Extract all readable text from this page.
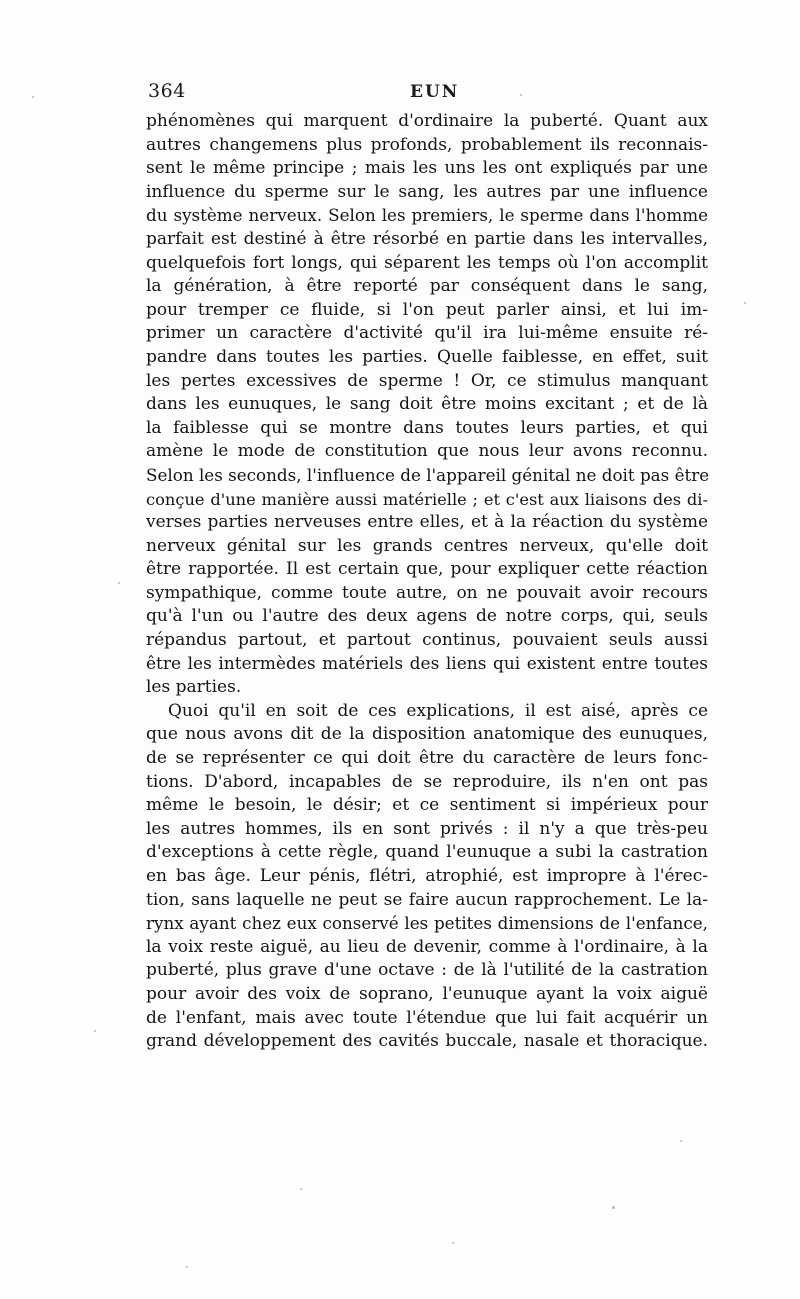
364	EUN
phénomènes qui marquent d'ordinaire la puberté. Quant aux
autres changemens plus profonds, probablement ils reconnais-
sent le même principe ; mais les uns les ont expliqués par une
influence du sperme sur le sang, les autres par une influence
du système nerveux. Selon les premiers, le sperme dans l'homme
parfait est destiné à être résorbé en partie dans les intervalles,
quelquefois fort longs, qui séparent les temps où l'on accomplit
la génération, à être reporté par conséquent dans le sang,
pour tremper ce fluide, si l'on peut parler ainsi, et lui im-
primer un caractère d'activité qu'il ira lui-même ensuite ré-
pandre dans toutes les parties. Quelle faiblesse, en effet, suit
les pertes excessives de sperme ! Or, ce stimulus manquant
dans les eunuques, le sang doit être moins excitant ; et de là
la faiblesse qui se montre dans toutes leurs parties, et qui
amène le mode de constitution que nous leur avons reconnu.
Selon les seconds, l'influence de l'appareil génital ne doit pas être
conçue d'une manière aussi matérielle ; et c'est aux liaisons des di-
verses parties nerveuses entre elles, et à la réaction du système
nerveux génital sur les grands centres nerveux, qu'elle doit
être rapportée. Il est certain que, pour expliquer cette réaction
sympathique, comme toute autre, on ne pouvait avoir recours
qu'à l'un ou l'autre des deux agens de notre corps, qui, seuls
répandus partout, et partout continus, pouvaient seuls aussi
être les intermèdes matériels des liens qui existent entre toutes
les parties.
Quoi qu'il en soit de ces explications, il est aisé, après ce
que nous avons dit de la disposition anatomique des eunuques,
de se représenter ce qui doit être du caractère de leurs fonc-
tions. D'abord, incapables de se reproduire, ils n'en ont pas
même le besoin, le désir; et ce sentiment si impérieux pour
les autres hommes, ils en sont privés : il n'y a que très-peu
d'exceptions à cette règle, quand l'eunuque a subi la castration
en bas âge. Leur pénis, flétri, atrophié, est impropre à l'érec-
tion, sans laquelle ne peut se faire aucun rapprochement. Le la-
rynx ayant chez eux conservé les petites dimensions de l'enfance,
la voix reste aiguë, au lieu de devenir, comme à l'ordinaire, à la
puberté, plus grave d'une octave : de là l'utilité de la castration
pour avoir des voix de soprano, l'eunuque ayant la voix aiguë
de l'enfant, mais avec toute l'étendue que lui fait acquérir un
grand développement des cavités buccale, nasale et thoracique.
